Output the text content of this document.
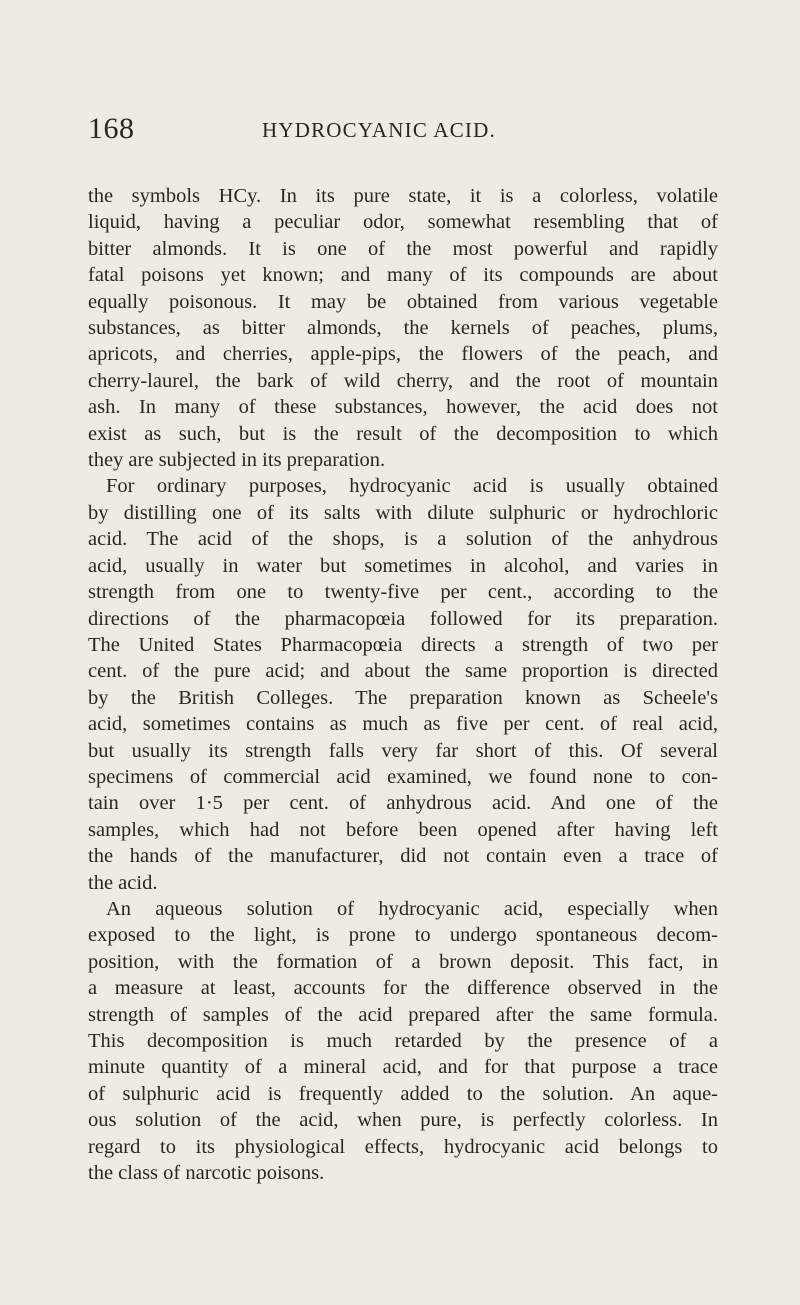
168	HYDROCYANIC ACID.
the symbols HCy. In its pure state, it is a colorless, volatile
liquid, having a peculiar odor, somewhat resembling that of
bitter almonds. It is one of the most powerful and rapidly
fatal poisons yet known; and many of its compounds are about
equally poisonous. It may be obtained from various vegetable
substances, as bitter almonds, the kernels of peaches, plums,
apricots, and cherries, apple-pips, the flowers of the peach, and
cherry-laurel, the bark of wild cherry, and the root of mountain
ash. In many of these substances, however, the acid does not
exist as such, but is the result of the decomposition to which
they are subjected in its preparation.
For ordinary purposes, hydrocyanic acid is usually obtained
by distilling one of its salts with dilute sulphuric or hydrochloric
acid. The acid of the shops, is a solution of the anhydrous
acid, usually in water but sometimes in alcohol, and varies in
strength from one to twenty-five per cent., according to the
directions of the pharmacopœia followed for its preparation.
The United States Pharmacopœia directs a strength of two per
cent. of the pure acid; and about the same proportion is directed
by the British Colleges. The preparation known as Scheele's
acid, sometimes contains as much as five per cent. of real acid,
but usually its strength falls very far short of this. Of several
specimens of commercial acid examined, we found none to con-
tain over 1·5 per cent. of anhydrous acid. And one of the
samples, which had not before been opened after having left
the hands of the manufacturer, did not contain even a trace of
the acid.
An aqueous solution of hydrocyanic acid, especially when
exposed to the light, is prone to undergo spontaneous decom-
position, with the formation of a brown deposit. This fact, in
a measure at least, accounts for the difference observed in the
strength of samples of the acid prepared after the same formula.
This decomposition is much retarded by the presence of a
minute quantity of a mineral acid, and for that purpose a trace
of sulphuric acid is frequently added to the solution. An aque-
ous solution of the acid, when pure, is perfectly colorless. In
regard to its physiological effects, hydrocyanic acid belongs to
the class of narcotic poisons.
